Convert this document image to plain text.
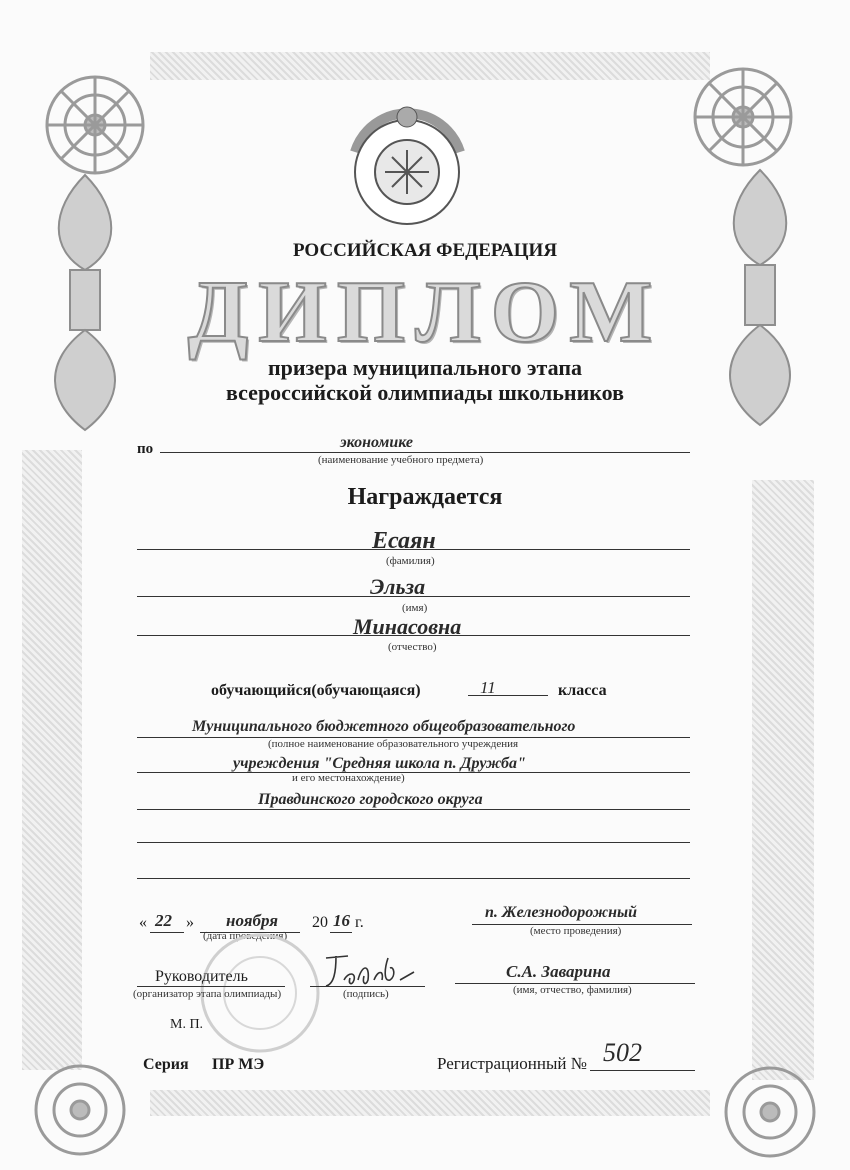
РОССИЙСКАЯ ФЕДЕРАЦИЯ
ДИПЛОМ
призера муниципального этапа
всероссийской олимпиады школьников
по	экономике
(наименование учебного предмета)
Награждается
Есаян
(фамилия)
Эльза
(имя)
Минасовна
(отчество)
обучающийся(обучающаяся)	11	класса
Муниципального бюджетного общеобразовательного
(полное наименование образовательного учреждения
учреждения "Средняя школа п. Дружба"
и его местонахождение)
Правдинского городского округа
« 22 » ноября 20 16 г.
(дата проведения)
п. Железнодорожный
(место проведения)
Руководитель
(организатор этапа олимпиады)	(подпись)
С.А. Заварина
(имя, отчество, фамилия)
М. П.
Серия ПР МЭ	Регистрационный № 502
